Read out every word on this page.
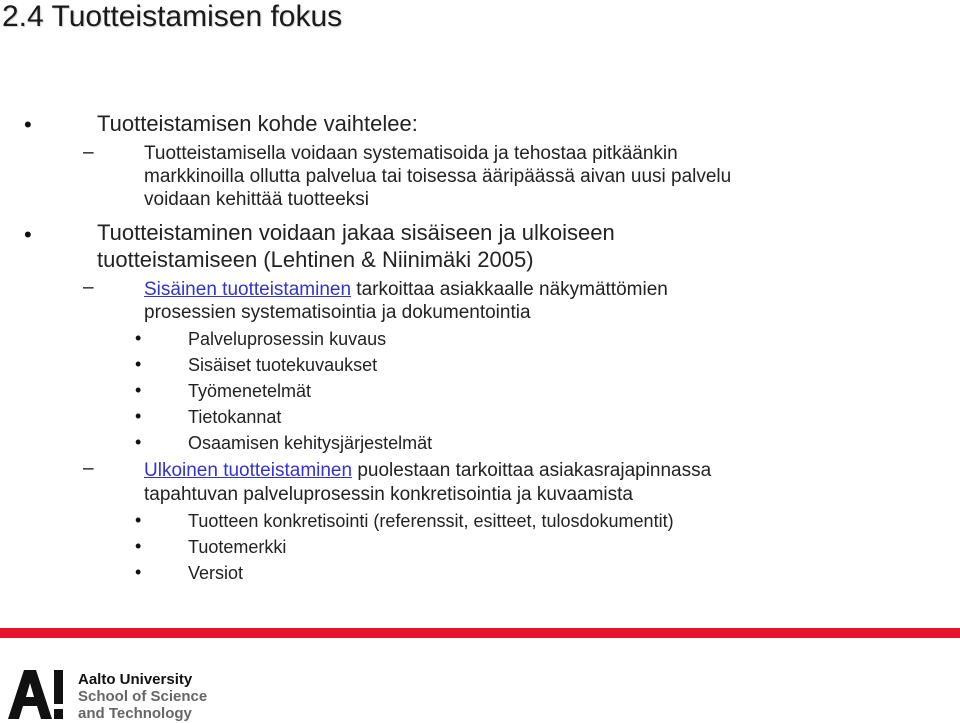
2.4 Tuotteistamisen fokus
•	Tuotteistamisen kohde vaihtelee:
–	Tuotteistamisella voidaan systematisoida ja tehostaa pitkäänkin
markkinoilla ollutta palvelua tai toisessa ääripäässä aivan uusi palvelu
voidaan kehittää tuotteeksi
•	Tuotteistaminen voidaan jakaa sisäiseen ja ulkoiseen
tuotteistamiseen (Lehtinen & Niinimäki 2005)
–	Sisäinen tuotteistaminen tarkoittaa asiakkaalle näkymättömien
prosessien systematisointia ja dokumentointia
•	Palveluprosessin kuvaus
•	Sisäiset tuotekuvaukset
•	Työmenetelmät
•	Tietokannat
•	Osaamisen kehitysjärjestelmät
–	Ulkoinen tuotteistaminen puolestaan tarkoittaa asiakasrajapinnassa
tapahtuvan palveluprosessin konkretisointia ja kuvaamista
•	Tuotteen konkretisointi (referenssit, esitteet, tulosdokumentit)
•	Tuotemerkki
•	Versiot
Aalto University
School of Science
and Technology
